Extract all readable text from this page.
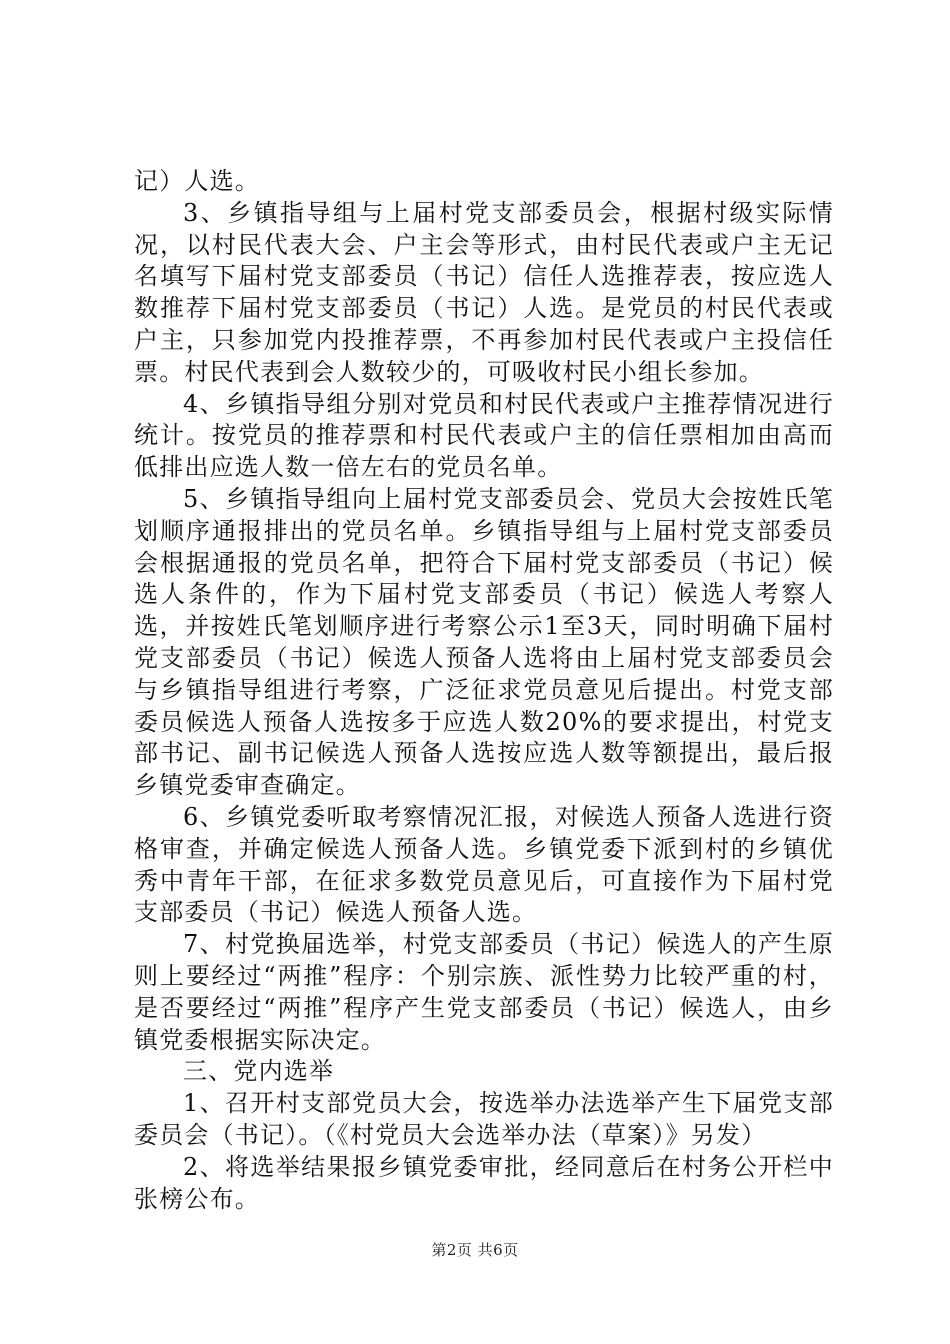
记）人选。

3、乡镇指导组与上届村党支部委员会，根据村级实际情况，以村民代表大会、户主会等形式，由村民代表或户主无记名填写下届村党支部委员（书记）信任人选推荐表，按应选人数推荐下届村党支部委员（书记）人选。是党员的村民代表或户主，只参加党内投推荐票，不再参加村民代表或户主投信任票。村民代表到会人数较少的，可吸收村民小组长参加。

4、乡镇指导组分别对党员和村民代表或户主推荐情况进行统计。按党员的推荐票和村民代表或户主的信任票相加由高而低排出应选人数一倍左右的党员名单。

5、乡镇指导组向上届村党支部委员会、党员大会按姓氏笔划顺序通报排出的党员名单。乡镇指导组与上届村党支部委员会根据通报的党员名单，把符合下届村党支部委员（书记）候选人条件的，作为下届村党支部委员（书记）候选人考察人选，并按姓氏笔划顺序进行考察公示1至3天，同时明确下届村党支部委员（书记）候选人预备人选将由上届村党支部委员会与乡镇指导组进行考察，广泛征求党员意见后提出。村党支部委员候选人预备人选按多于应选人数20%的要求提出，村党支部书记、副书记候选人预备人选按应选人数等额提出，最后报乡镇党委审查确定。

6、乡镇党委听取考察情况汇报，对候选人预备人选进行资格审查，并确定候选人预备人选。乡镇党委下派到村的乡镇优秀中青年干部，在征求多数党员意见后，可直接作为下届村党支部委员（书记）候选人预备人选。

7、村党换届选举，村党支部委员（书记）候选人的产生原则上要经过“两推”程序：个别宗族、派性势力比较严重的村，是否要经过“两推”程序产生党支部委员（书记）候选人，由乡镇党委根据实际决定。

三、党内选举

1、召开村支部党员大会，按选举办法选举产生下届党支部委员会（书记）。（《村党员大会选举办法（草案）》另发）

2、将选举结果报乡镇党委审批，经同意后在村务公开栏中张榜公布。

第2页 共6页
